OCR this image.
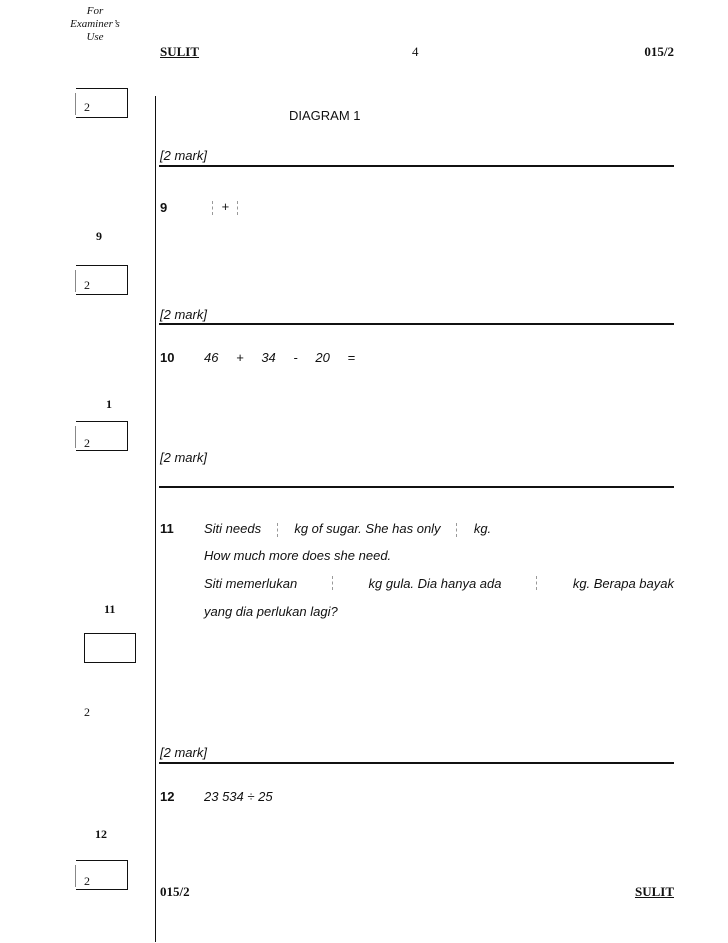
For
Examiner’s
Use
SULIT	4	015/2
2
9
2
1
2
11
2
12
2
DIAGRAM 1
[2 mark]
9	+
[2 mark]
10 46 + 34 - 20 =
[2 mark]
11 Siti needs	kg of sugar. She has only	kg.
How much more does she need.
Siti memerlukan	kg gula. Dia hanya ada	kg. Berapa bayak
yang dia perlukan lagi?
[2 mark]
12 23 534 ÷ 25
015/2	SULIT
